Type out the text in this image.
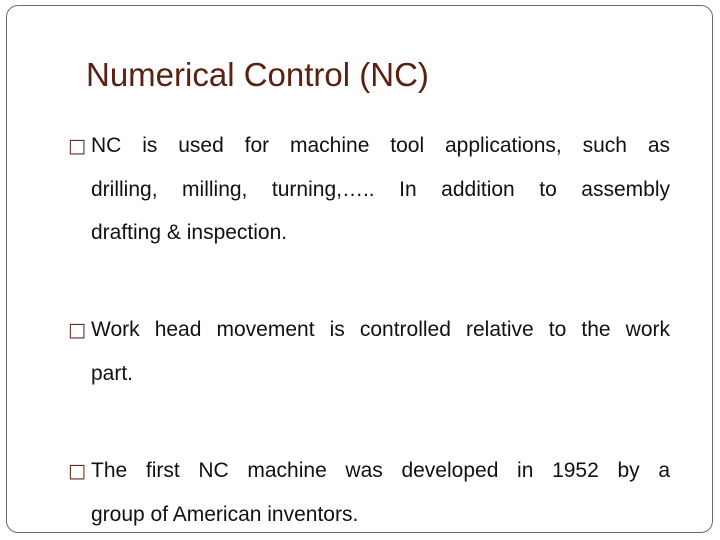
Numerical Control (NC)
□ NC is used for machine tool applications, such as
drilling, milling, turning,….. In addition to assembly
drafting & inspection.
□ Work head movement is controlled relative to the work
part.
□ The first NC machine was developed in 1952 by a
group of American inventors.
